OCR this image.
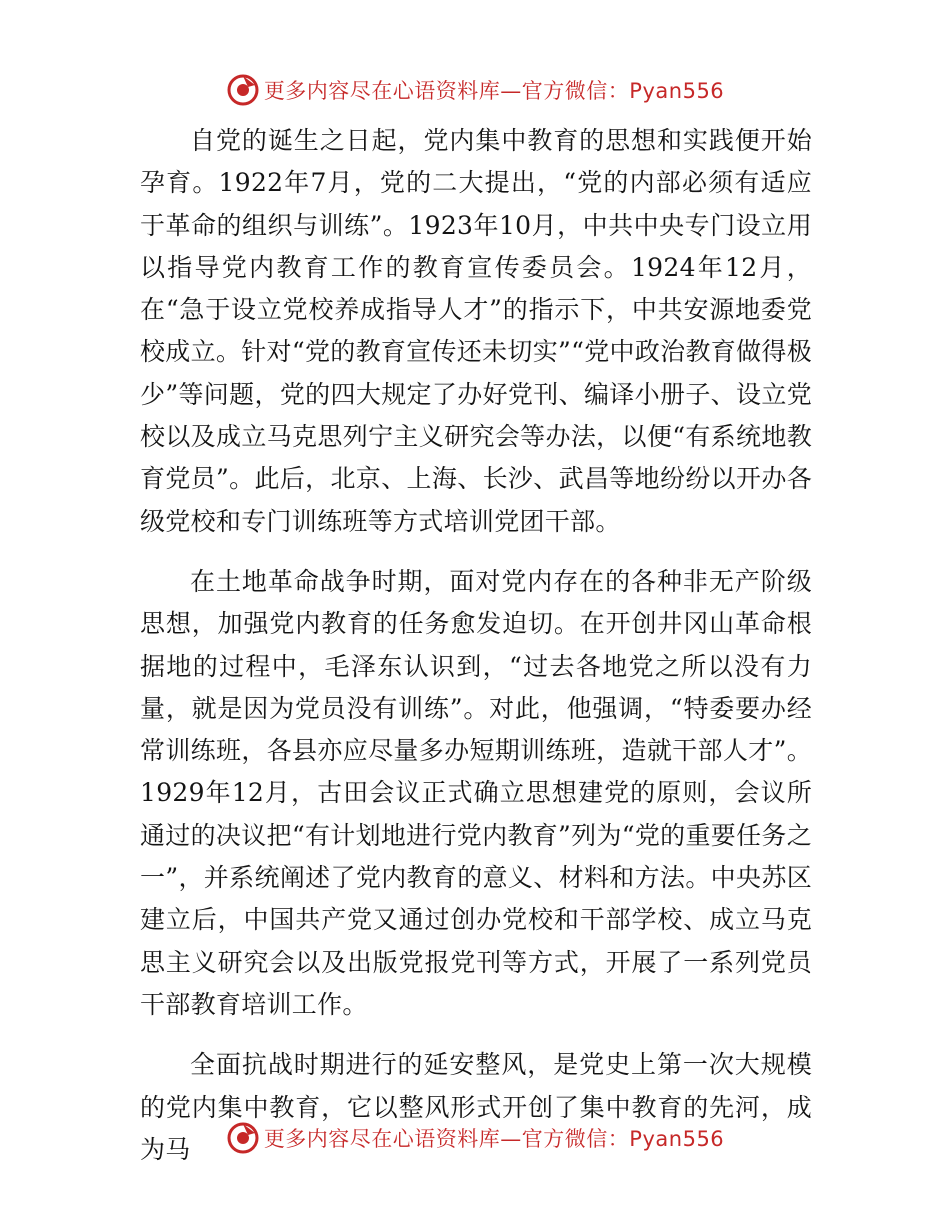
更多内容尽在心语资料库—官方微信：Pyan556

自党的诞生之日起，党内集中教育的思想和实践便开始孕育。1922年7月，党的二大提出，“党的内部必须有适应于革命的组织与训练”。1923年10月，中共中央专门设立用以指导党内教育工作的教育宣传委员会。1924年12月，在“急于设立党校养成指导人才”的指示下，中共安源地委党校成立。针对“党的教育宣传还未切实”“党中政治教育做得极少”等问题，党的四大规定了办好党刊、编译小册子、设立党校以及成立马克思列宁主义研究会等办法，以便“有系统地教育党员”。此后，北京、上海、长沙、武昌等地纷纷以开办各级党校和专门训练班等方式培训党团干部。

在土地革命战争时期，面对党内存在的各种非无产阶级思想，加强党内教育的任务愈发迫切。在开创井冈山革命根据地的过程中，毛泽东认识到，“过去各地党之所以没有力量，就是因为党员没有训练”。对此，他强调，“特委要办经常训练班，各县亦应尽量多办短期训练班，造就干部人才”。1929年12月，古田会议正式确立思想建党的原则，会议所通过的决议把“有计划地进行党内教育”列为“党的重要任务之一”，并系统阐述了党内教育的意义、材料和方法。中央苏区建立后，中国共产党又通过创办党校和干部学校、成立马克思主义研究会以及出版党报党刊等方式，开展了一系列党员干部教育培训工作。

全面抗战时期进行的延安整风，是党史上第一次大规模的党内集中教育，它以整风形式开创了集中教育的先河，成为马	更多内容尽在心语资料库—官方微信：Pyan556
